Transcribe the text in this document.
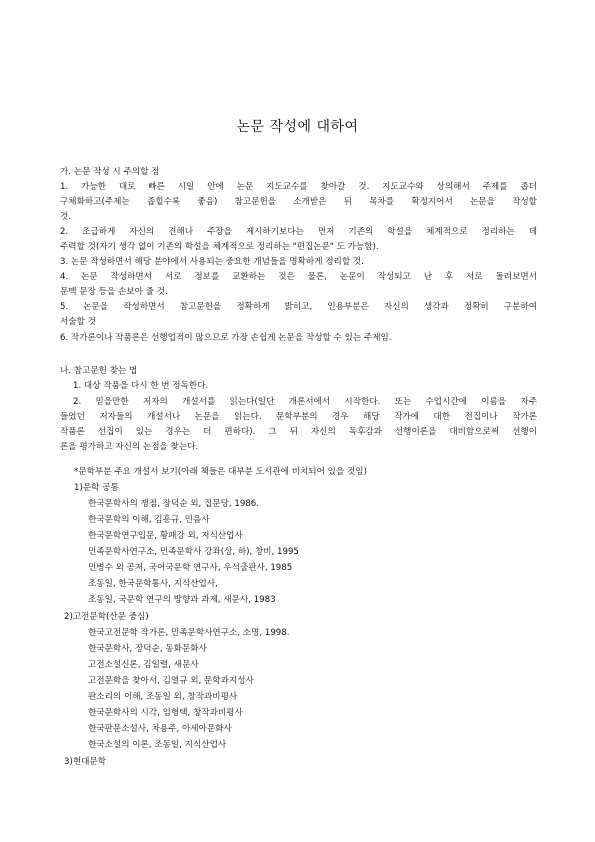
논문 작성에 대하여
가. 논문 작성 시 주의할 점
1. 가능한 대로 빠른 시일 안에 논문 지도교수를 찾아갈 것. 지도교수와 상의해서 주제를 좁더
구체화하고(주제는 좁힐수록 좋음) 참고문헌을 소개받은 뒤 목차를 확정지어서 논문을 작성할
것.
2. 조급하게 자신의 견해나 주장을 제시하기보다는 먼저 기존의 학설을 체계적으로 정리하는 데
주력할 것(자기 생각 없이 기존의 학설을 체계적으로 정리하는 "편집논문" 도 가능함).
3. 논문 작성하면서 해당 분야에서 사용되는 중요한 개념들을 명확하게 정리할 것.
4. 논문 작성하면서 서로 정보를 교환하는 것은 물론, 논문이 작성되고 난 후 서로 돌려보면서
문맥 문장 등을 손보아 줄 것.
5. 논문을 작성하면서 참고문헌을 정확하게 밝히고, 인용부분은 자신의 생각과 정확히 구분하여
서술할 것
6. 작가론이나 작품론은 선행업적이 많으므로 가장 손쉽게 논문을 작성할 수 있는 주제임.
나. 참고문헌 찾는 법
1. 대상 작품을 다시 한 번 정독한다.
2. 믿을만한 저자의 개설서를 읽는다(일단 개론서에서 시작한다. 또는 수업시간에 이름을 자주
들었던 저자들의 개설서나 논문을 읽는다. 문학부분의 경우 해당 작가에 대한 전집이나 작가론
작품론 선집이 있는 경우는 더 편하다). 그 뒤 자신의 독후감과 선행이론을 대비함으로써 선행이
론을 평가하고 자신의 논점을 찾는다.
*문학부분 주요 개설서 보기(아래 책들은 대부분 도서관에 비치되어 있을 것임)
1)문학 공통
한국문학사의 쟁점, 장덕순 외, 집문당, 1986.
한국문학의 이해, 김흥규, 민음사
한국문학연구입문, 황패강 외, 지식산업사
민족문학사연구소, 민족문학사 강좌(상, 하), 창비, 1995
민병수 외 공저, 국어국문학 연구사, 우석출판사, 1985
조동일, 한국문학통사, 지식산업사,
조동일, 국문학 연구의 방향과 과제, 새문사, 1983
2)고전문학(산문 중심)
한국고전문학 작가론, 민족문학사연구소, 소명, 1998.
한국문학사, 장덕순, 동화문화사
고전소설신론, 김일렬, 새문사
고전문학을 찾아서, 김열규 외, 문학과지성사
판소리의 이해, 조동일 외, 창작과비평사
한국문학사의 시각, 임형택, 창작과비평사
한국판문소설사, 차용주, 아세아문화사
한국소설의 이론, 조동일, 지식산업사
3)현대문학
